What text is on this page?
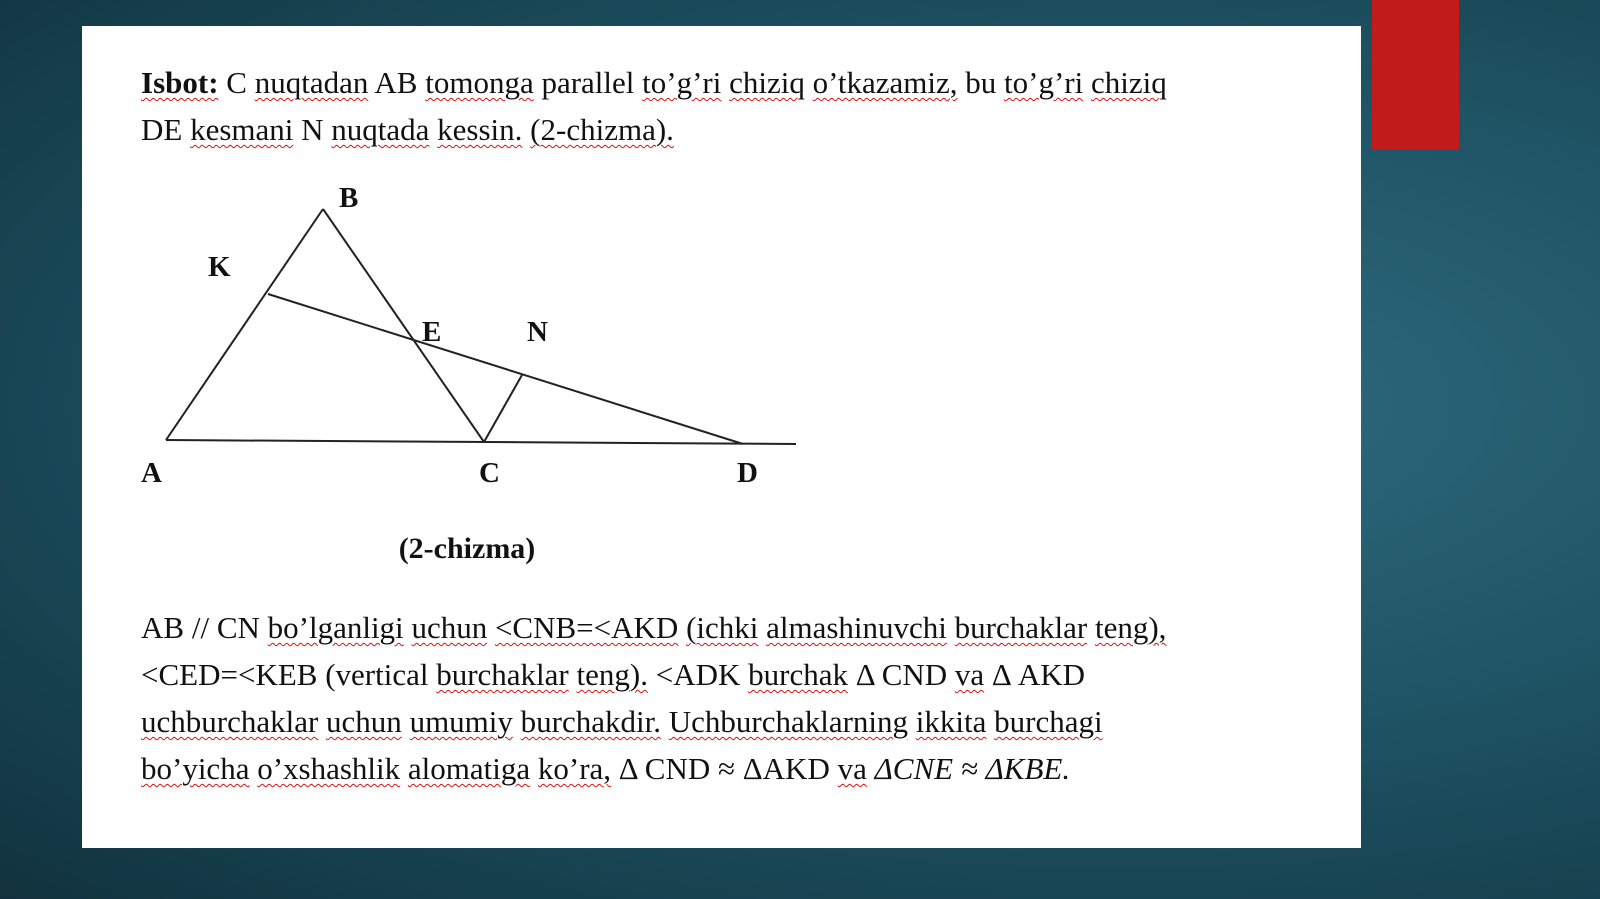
Isbot: C nuqtadan AB tomonga parallel to’g’ri chiziq o’tkazamiz, bu to’g’ri chiziq
DE kesmani N nuqtada kessin. (2-chizma).

B
K
E	N
A	C	D
(2-chizma)

AB // CN bo’lganligi uchun <CNB=<AKD (ichki almashinuvchi burchaklar teng),
<CED=<KEB (vertical burchaklar teng). <ADK burchak Δ CND va Δ AKD
uchburchaklar uchun umumiy burchakdir. Uchburchaklarning ikkita burchagi
bo’yicha o’xshashlik alomatiga ko’ra, Δ CND ≈ ΔAKD va ΔCNE ≈ ΔKBE.
